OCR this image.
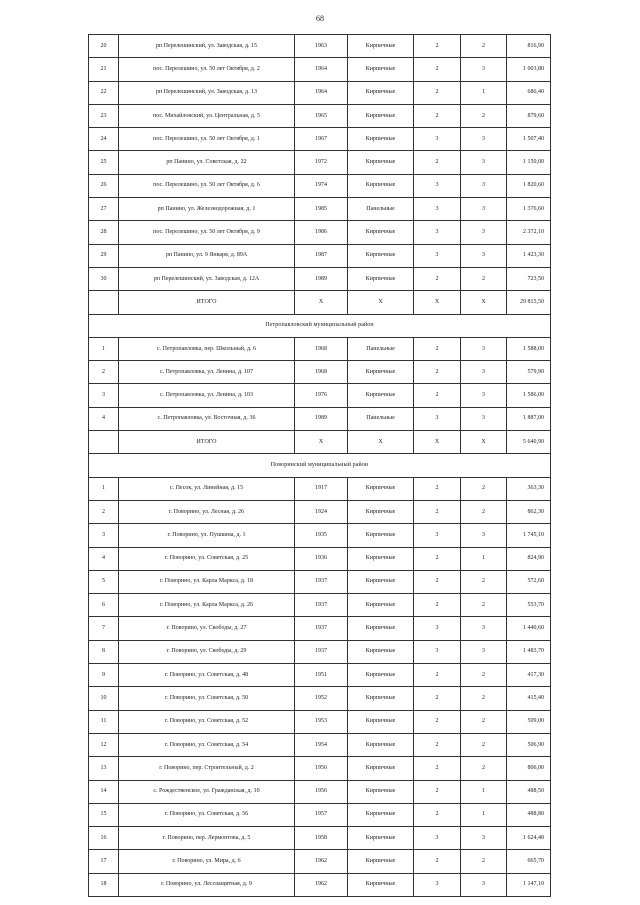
68
20	рп Перелешинский, ул. Заводская, д. 15	1963	Кирпичные	2	2	816,90
21	пос. Перелешино, ул. 50 лет Октября, д. 2	1964	Кирпичные	2	3	1 003,80
22	рп Перелешинский, ул. Заводская, д. 13	1964	Кирпичные	2	1	686,40
23	пос. Михайловский, ул. Центральная, д. 5	1965	Кирпичные	2	2	879,60
24	пос. Перелешино, ул. 50 лет Октября, д. 1	1967	Кирпичные	3	3	1 507,40
25	рп Панино, ул. Советская, д. 22	1972	Кирпичные	2	3	1 150,00
26	пос. Перелешино, ул. 50 лет Октября, д. 6	1974	Кирпичные	3	3	1 820,60
27	рп Панино, ул. Железнодорожная, д. 1	1985	Панельные	3	3	1 376,60
28	пос. Перелешино, ул. 50 лет Октября, д. 9	1986	Кирпичные	3	3	2 372,10
29	рп Панино, ул. 9 Января, д. 89А	1987	Кирпичные	3	3	1 423,30
30	рп Перелешинский, ул. Заводская, д. 12А	1989	Кирпичные	2	2	723,50
	ИТОГО	X	X	X	X	29 815,50
Петропавловский муниципальный район						
1	с. Петропавловка, пер. Школьный, д. 6	1968	Панельные	2	3	1 588,00
2	с. Петропавловка, ул. Ленина, д. 107	1968	Кирпичные	2	3	579,90
3	с. Петропавловка, ул. Ленина, д. 103	1976	Кирпичные	2	3	1 586,00
4	с. Петропавловка, ул. Восточная, д. 36	1989	Панельные	3	3	1 887,00
	ИТОГО	X	X	X	X	5 640,90
Поворинский муниципальный район						
1	с. Песок, ул. Линейная, д. 15	1917	Кирпичные	2	2	363,30
2	г. Поворино, ул. Лесная, д. 26	1924	Кирпичные	2	2	862,30
3	г. Поворино, ул. Пушкина, д. 1	1935	Кирпичные	3	3	1 745,10
4	г. Поворино, ул. Советская, д. 25	1936	Кирпичные	2	1	824,90
5	г. Поворино, ул. Карла Маркса, д. 18	1937	Кирпичные	2	2	572,60
6	г. Поворино, ул. Карла Маркса, д. 26	1937	Кирпичные	2	2	553,70
7	г. Поворино, ул. Свободы, д. 27	1937	Кирпичные	3	3	1 440,60
8	г. Поворино, ул. Свободы, д. 29	1937	Кирпичные	3	3	1 483,70
9	г. Поворино, ул. Советская, д. 48	1951	Кирпичные	2	2	417,30
10	г. Поворино, ул. Советская, д. 50	1952	Кирпичные	2	2	415,40
11	г. Поворино, ул. Советская, д. 52	1953	Кирпичные	2	2	509,00
12	г. Поворино, ул. Советская, д. 54	1954	Кирпичные	2	2	506,90
13	г. Поворино, пер. Строительный, д. 2	1956	Кирпичные	2	2	806,00
14	с. Рождественское, ул. Гражданская, д. 10	1956	Кирпичные	2	1	488,50
15	г. Поворино, ул. Советская, д. 56	1957	Кирпичные	2	1	488,80
16	г. Поворино, пер. Лермонтова, д. 5	1958	Кирпичные	3	3	1 624,48
17	г. Поворино, ул. Мира, д. 6	1962	Кирпичные	2	2	665,70
18	г. Поворино, ул. Лесозащитная, д. 9	1962	Кирпичные	3	3	1 147,10
